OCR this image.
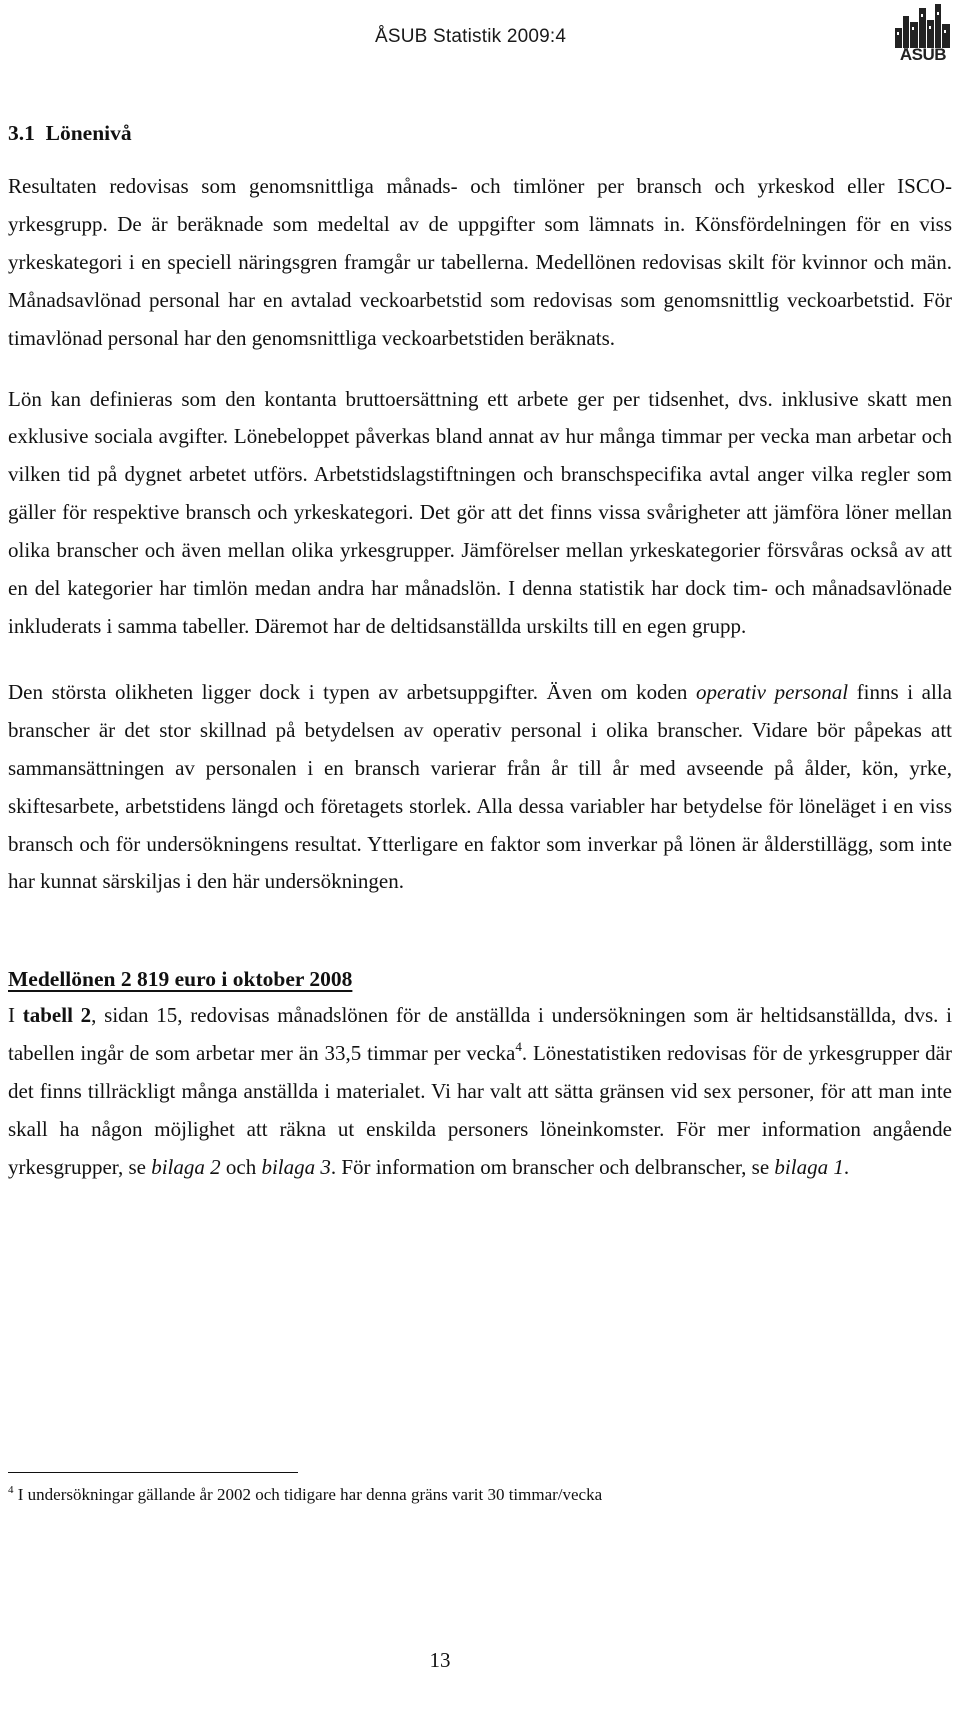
ÅSUB Statistik 2009:4
ÅSUB
3.1 Lönenivå

Resultaten redovisas som genomsnittliga månads- och timlöner per bransch och yrkeskod eller ISCO-yrkesgrupp. De är beräknade som medeltal av de uppgifter som lämnats in. Könsfördelningen för en viss yrkeskategori i en speciell näringsgren framgår ur tabellerna. Medellönen redovisas skilt för kvinnor och män. Månadsavlönad personal har en avtalad veckoarbetstid som redovisas som genomsnittlig veckoarbetstid. För timavlönad personal har den genomsnittliga veckoarbetstiden beräknats.

Lön kan definieras som den kontanta bruttoersättning ett arbete ger per tidsenhet, dvs. inklusive skatt men exklusive sociala avgifter. Lönebeloppet påverkas bland annat av hur många timmar per vecka man arbetar och vilken tid på dygnet arbetet utförs. Arbetstidslagstiftningen och branschspecifika avtal anger vilka regler som gäller för respektive bransch och yrkeskategori. Det gör att det finns vissa svårigheter att jämföra löner mellan olika branscher och även mellan olika yrkesgrupper. Jämförelser mellan yrkeskategorier försvåras också av att en del kategorier har timlön medan andra har månadslön. I denna statistik har dock tim- och månadsavlönade inkluderats i samma tabeller. Däremot har de deltidsanställda urskilts till en egen grupp.

Den största olikheten ligger dock i typen av arbetsuppgifter. Även om koden operativ personal finns i alla branscher är det stor skillnad på betydelsen av operativ personal i olika branscher. Vidare bör påpekas att sammansättningen av personalen i en bransch varierar från år till år med avseende på ålder, kön, yrke, skiftesarbete, arbetstidens längd och företagets storlek. Alla dessa variabler har betydelse för löneläget i en viss bransch och för undersökningens resultat. Ytterligare en faktor som inverkar på lönen är ålderstillägg, som inte har kunnat särskiljas i den här undersökningen.

Medellönen 2 819 euro i oktober 2008

I tabell 2, sidan 15, redovisas månadslönen för de anställda i undersökningen som är heltidsanställda, dvs. i tabellen ingår de som arbetar mer än 33,5 timmar per vecka$^4$. Lönestatistiken redovisas för de yrkesgrupper där det finns tillräckligt många anställda i materialet. Vi har valt att sätta gränsen vid sex personer, för att man inte skall ha någon möjlighet att räkna ut enskilda personers löneinkomster. För mer information angående yrkesgrupper, se bilaga 2 och bilaga 3. För information om branscher och delbranscher, se bilaga 1.

$^4$ I undersökningar gällande år 2002 och tidigare har denna gräns varit 30 timmar/vecka
13
